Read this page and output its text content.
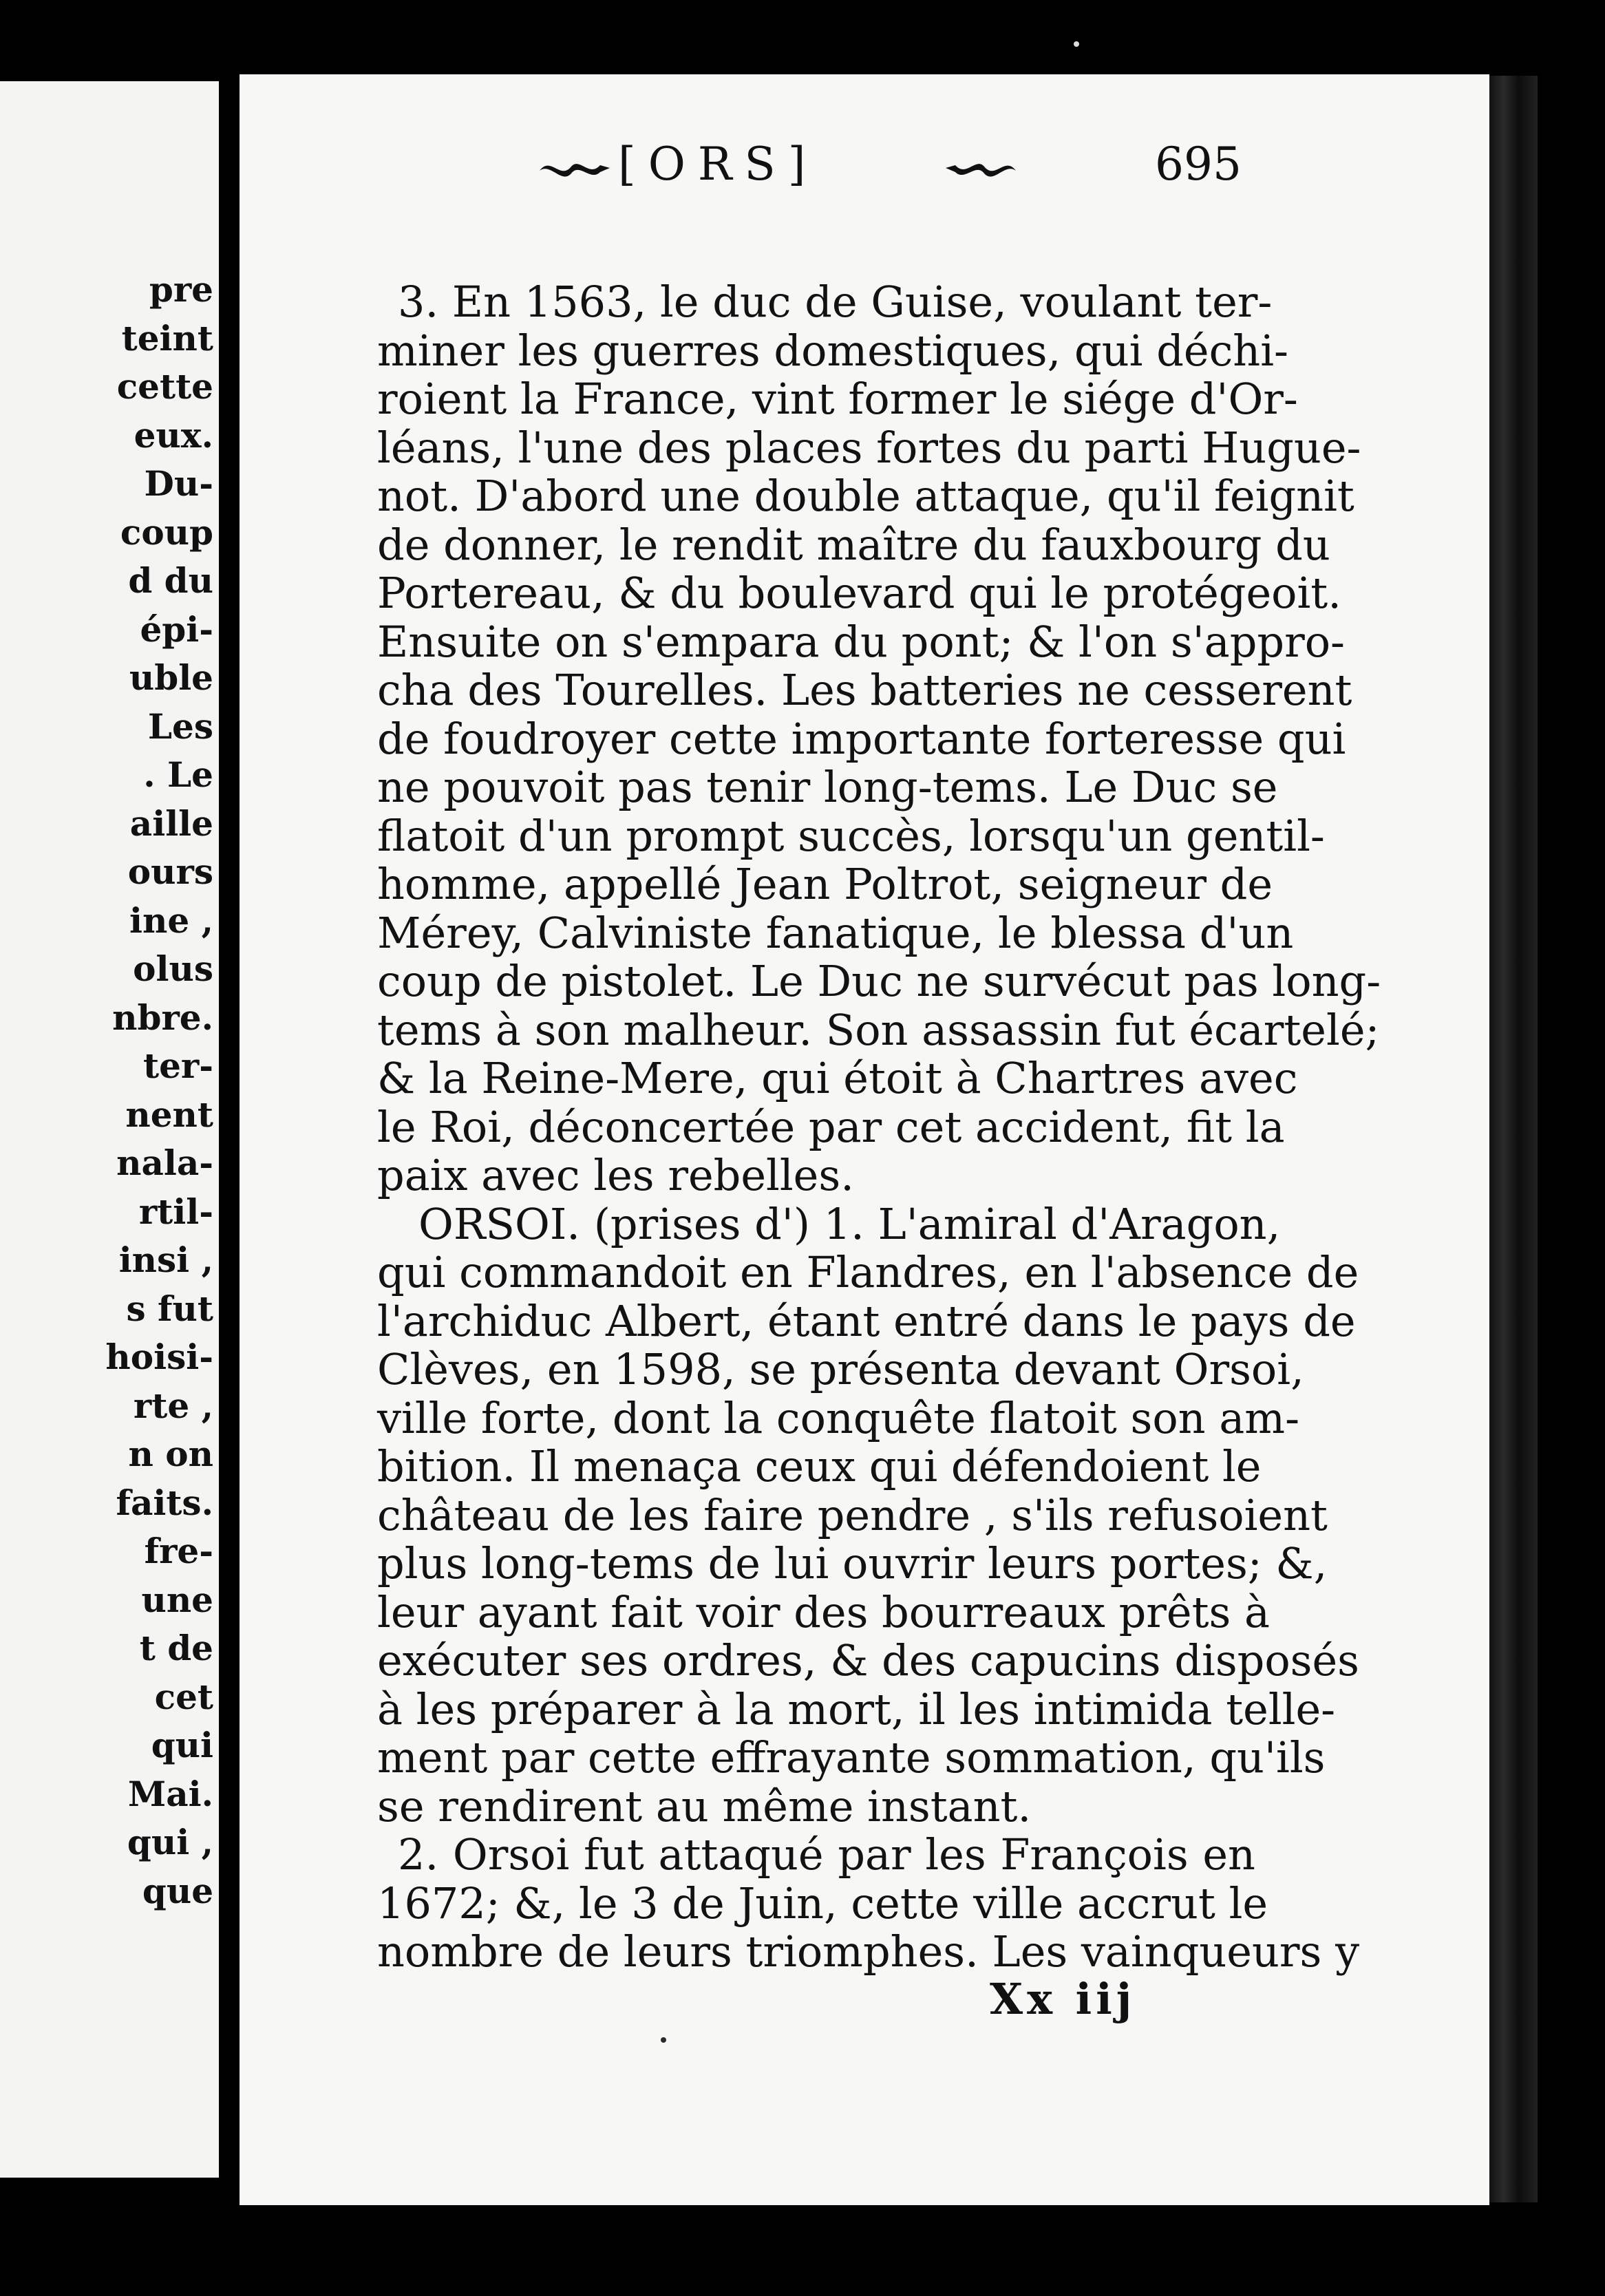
pre
teint
cette
eux.
Du-
coup
d du
épi-
uble
Les
. Le
aille
ours
ine ,
olus
nbre.
ter-
nent
nala-
rtil-
insi ,
s fut
hoisi-
rte ,
n on
faits.
fre-
une
t de
cet
qui
Mai.
qui ,
que
[ORS]	695
3. En 1563, le duc de Guise, voulant ter-
miner les guerres domestiques, qui déchi-
roient la France, vint former le siége d'Or-
léans, l'une des places fortes du parti Hugue-
not. D'abord une double attaque, qu'il feignit
de donner, le rendit maître du fauxbourg du
Portereau, & du boulevard qui le protégeoit.
Ensuite on s'empara du pont; & l'on s'appro-
cha des Tourelles. Les batteries ne cesserent
de foudroyer cette importante forteresse qui
ne pouvoit pas tenir long-tems. Le Duc se
flatoit d'un prompt succès, lorsqu'un gentil-
homme, appellé Jean Poltrot, seigneur de
Mérey, Calviniste fanatique, le blessa d'un
coup de pistolet. Le Duc ne survécut pas long-
tems à son malheur. Son assassin fut écartelé;
& la Reine-Mere, qui étoit à Chartres avec
le Roi, déconcertée par cet accident, fit la
paix avec les rebelles.
ORSOI. (prises d') 1. L'amiral d'Aragon,
qui commandoit en Flandres, en l'absence de
l'archiduc Albert, étant entré dans le pays de
Clèves, en 1598, se présenta devant Orsoi,
ville forte, dont la conquête flatoit son am-
bition. Il menaça ceux qui défendoient le
château de les faire pendre , s'ils refusoient
plus long-tems de lui ouvrir leurs portes; &,
leur ayant fait voir des bourreaux prêts à
exécuter ses ordres, & des capucins disposés
à les préparer à la mort, il les intimida telle-
ment par cette effrayante sommation, qu'ils
se rendirent au même instant.
2. Orsoi fut attaqué par les François en
1672; &, le 3 de Juin, cette ville accrut le
nombre de leurs triomphes. Les vainqueurs y
Xx iij
